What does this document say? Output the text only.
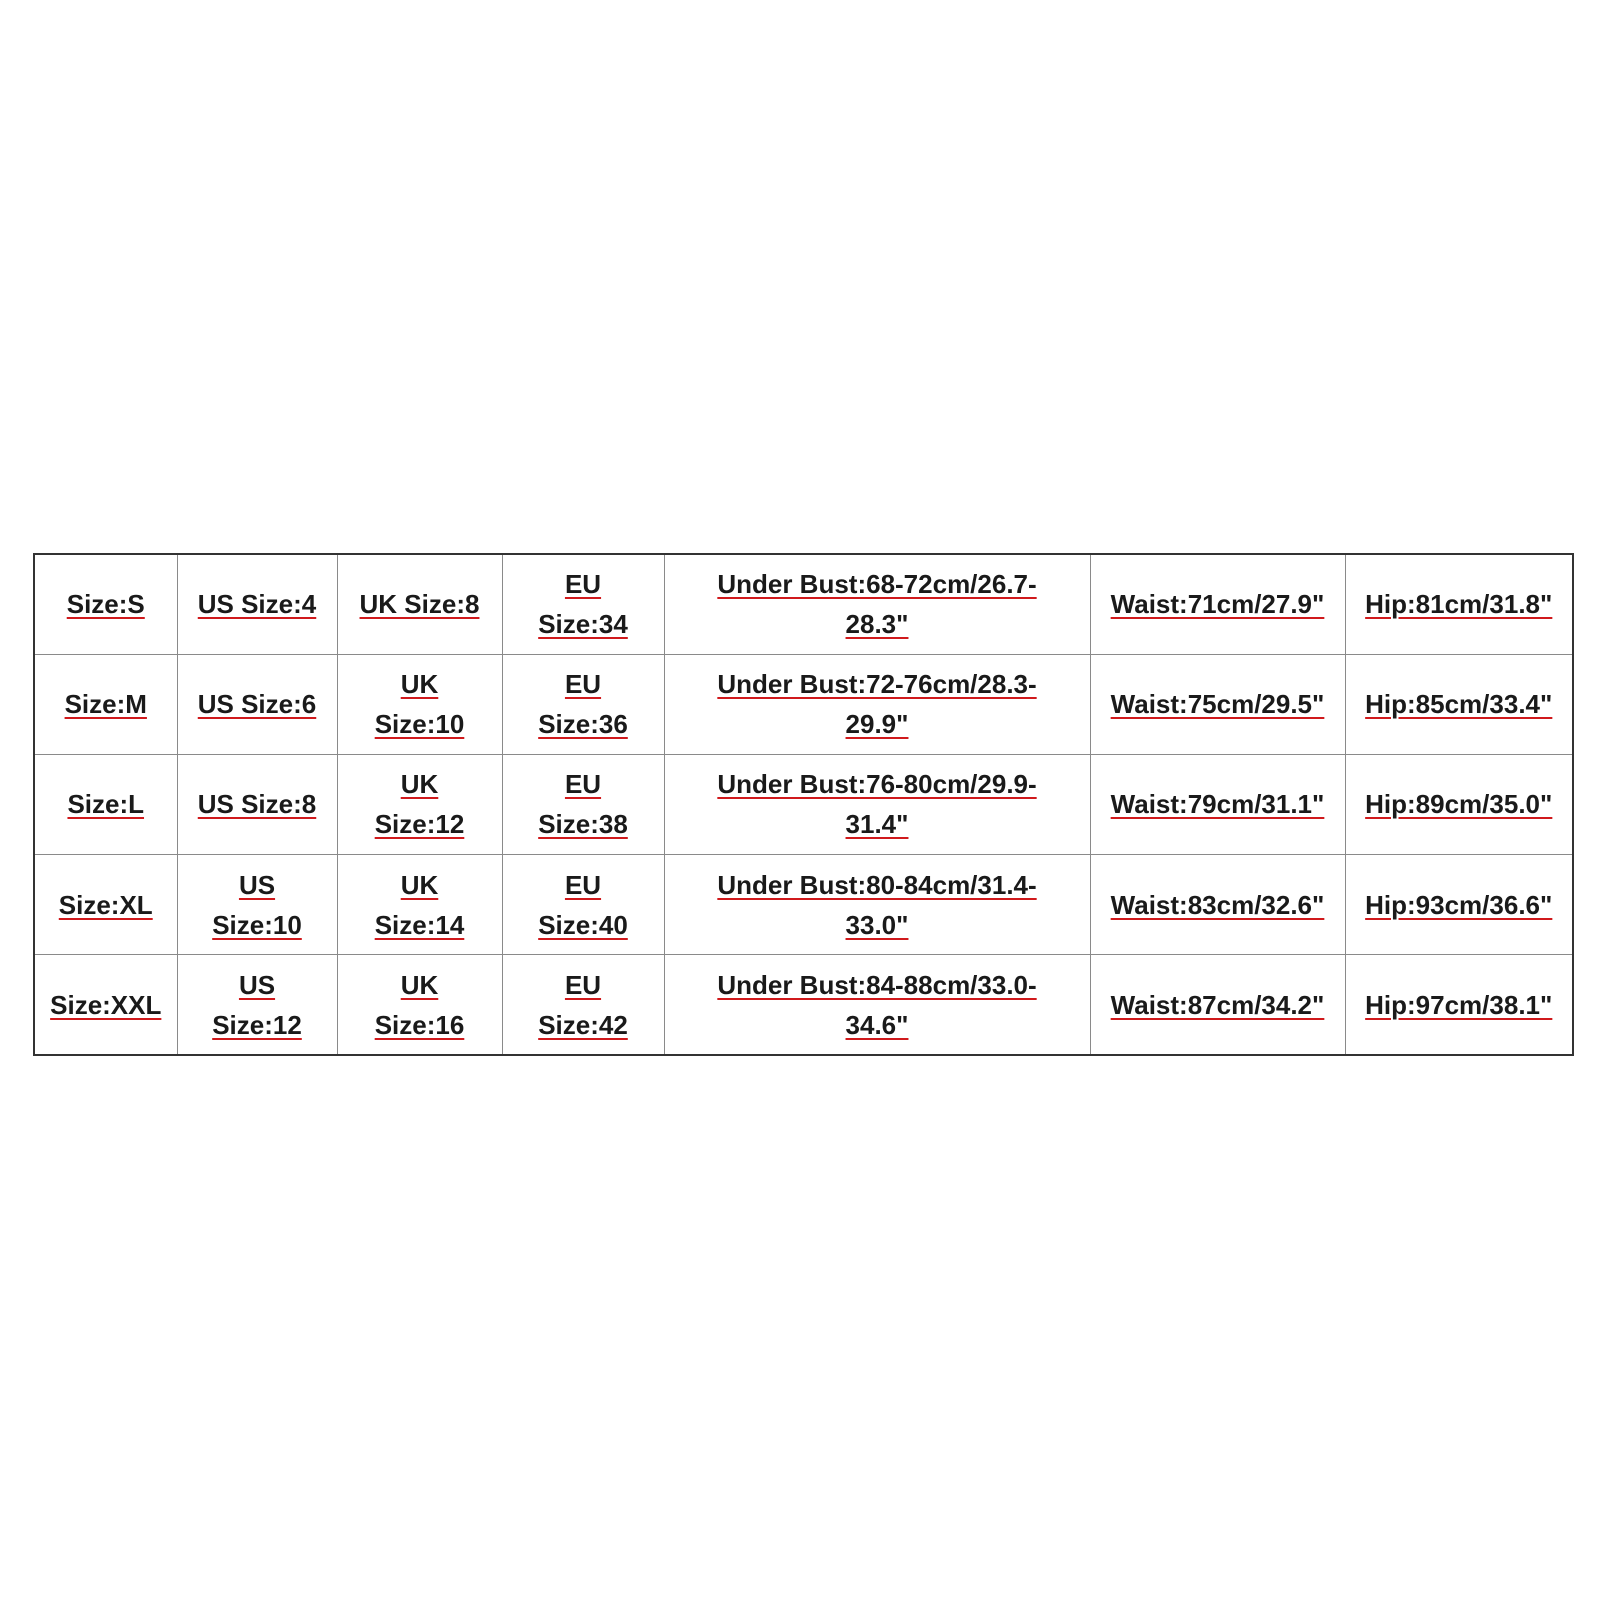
Size:S	US Size:4	UK Size:8	EU Size:34	Under Bust:68-72cm/26.7-28.3"	Waist:71cm/27.9"	Hip:81cm/31.8"
Size:M	US Size:6	UK Size:10	EU Size:36	Under Bust:72-76cm/28.3-29.9"	Waist:75cm/29.5"	Hip:85cm/33.4"
Size:L	US Size:8	UK Size:12	EU Size:38	Under Bust:76-80cm/29.9-31.4"	Waist:79cm/31.1"	Hip:89cm/35.0"
Size:XL	US Size:10	UK Size:14	EU Size:40	Under Bust:80-84cm/31.4-33.0"	Waist:83cm/32.6"	Hip:93cm/36.6"
Size:XXL	US Size:12	UK Size:16	EU Size:42	Under Bust:84-88cm/33.0-34.6"	Waist:87cm/34.2"	Hip:97cm/38.1"
